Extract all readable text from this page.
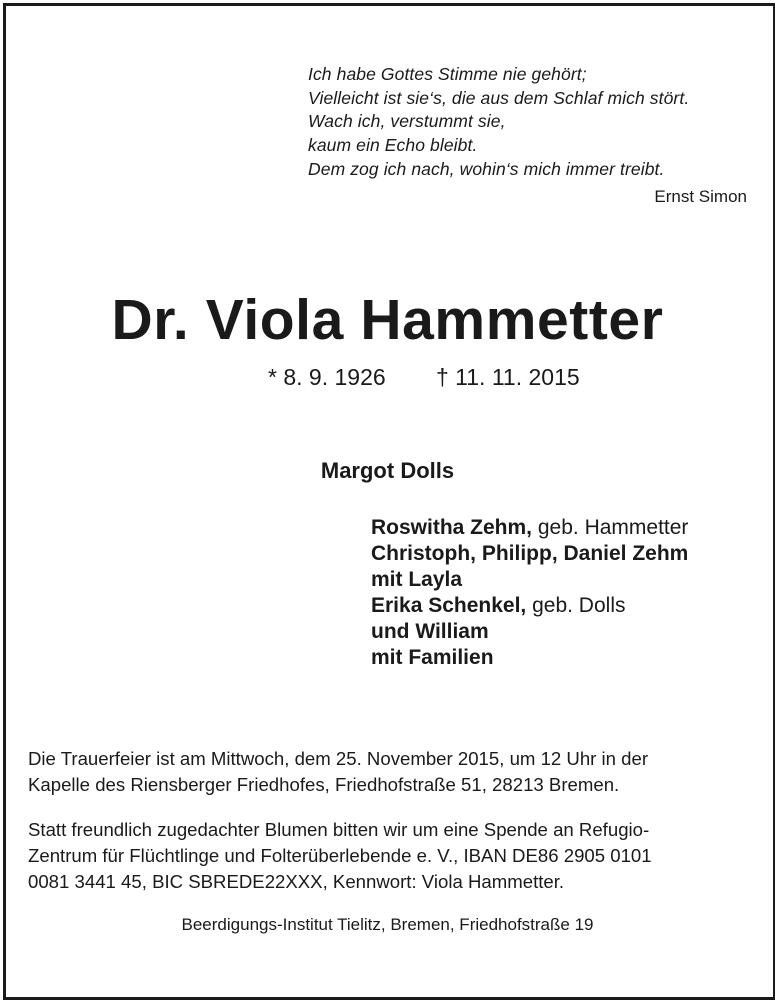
Ich habe Gottes Stimme nie gehört;
Vielleicht ist sie‘s, die aus dem Schlaf mich stört.
Wach ich, verstummt sie,
kaum ein Echo bleibt.
Dem zog ich nach, wohin‘s mich immer treibt.
Ernst Simon
Dr. Viola Hammetter
* 8. 9. 1926 † 11. 11. 2015
Margot Dolls
Roswitha Zehm, geb. Hammetter
Christoph, Philipp, Daniel Zehm
mit Layla
Erika Schenkel, geb. Dolls
und William
mit Familien
Die Trauerfeier ist am Mittwoch, dem 25. November 2015, um 12 Uhr in der
Kapelle des Riensberger Friedhofes, Friedhofstraße 51, 28213 Bremen.
Statt freundlich zugedachter Blumen bitten wir um eine Spende an Refugio-
Zentrum für Flüchtlinge und Folterüberlebende e. V., IBAN DE86 2905 0101
0081 3441 45, BIC SBREDE22XXX, Kennwort: Viola Hammetter.
Beerdigungs-Institut Tielitz, Bremen, Friedhofstraße 19
